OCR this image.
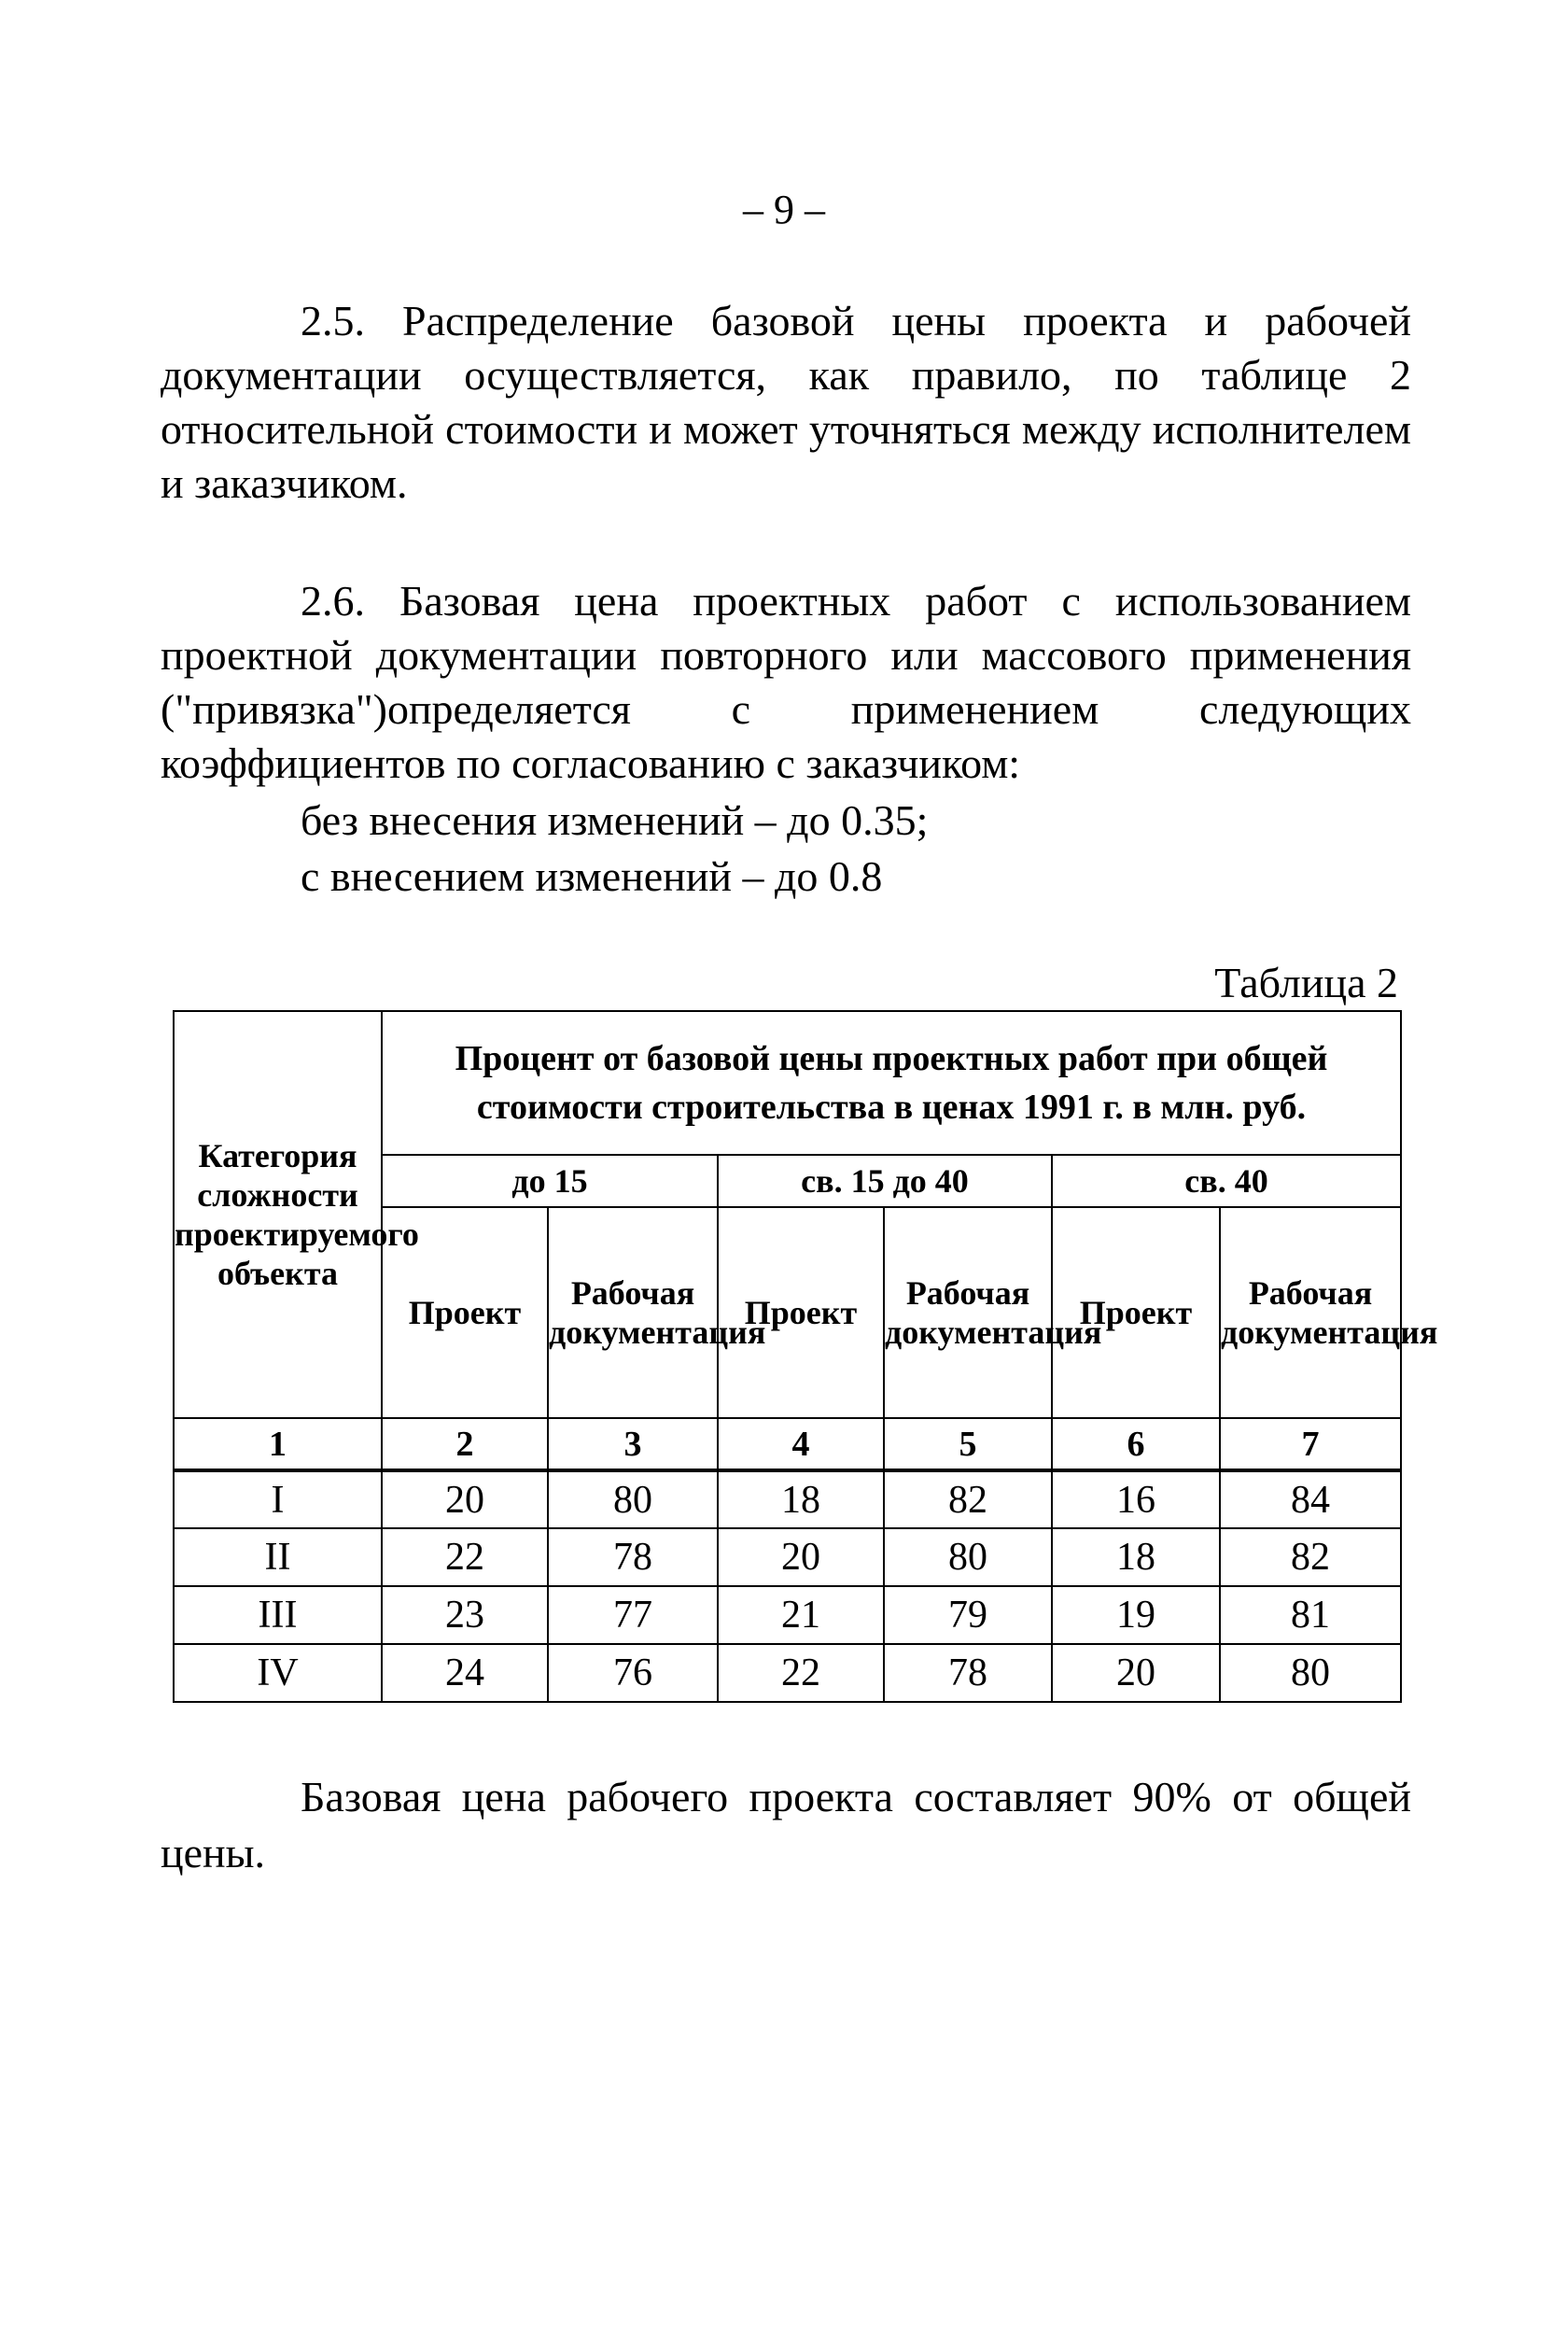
– 9 –

2.5. Распределение базовой цены проекта и рабочей документации осуществляется, как правило, по таблице 2 относительной стоимости и может уточняться между исполнителем и заказчиком.

2.6. Базовая цена проектных работ с использованием проектной документации повторного или массового применения ("привязка")определяется с применением следующих коэффициентов по согласованию с заказчиком:

без внесения изменений – до 0.35;
с внесением изменений – до 0.8
Таблица 2
Категория сложности проектируемого объекта	Процент от базовой цены проектных работ при общей стоимости строительства в ценах 1991 г. в млн. руб.					
	до 15		св. 15 до 40		св. 40	
	Проект	Рабочая документация	Проект	Рабочая документация	Проект	Рабочая документация
1	2	3	4	5	6	7
I	20	80	18	82	16	84
II	22	78	20	80	18	82
III	23	77	21	79	19	81
IV	24	76	22	78	20	80

Базовая цена рабочего проекта составляет 90% от общей цены.
